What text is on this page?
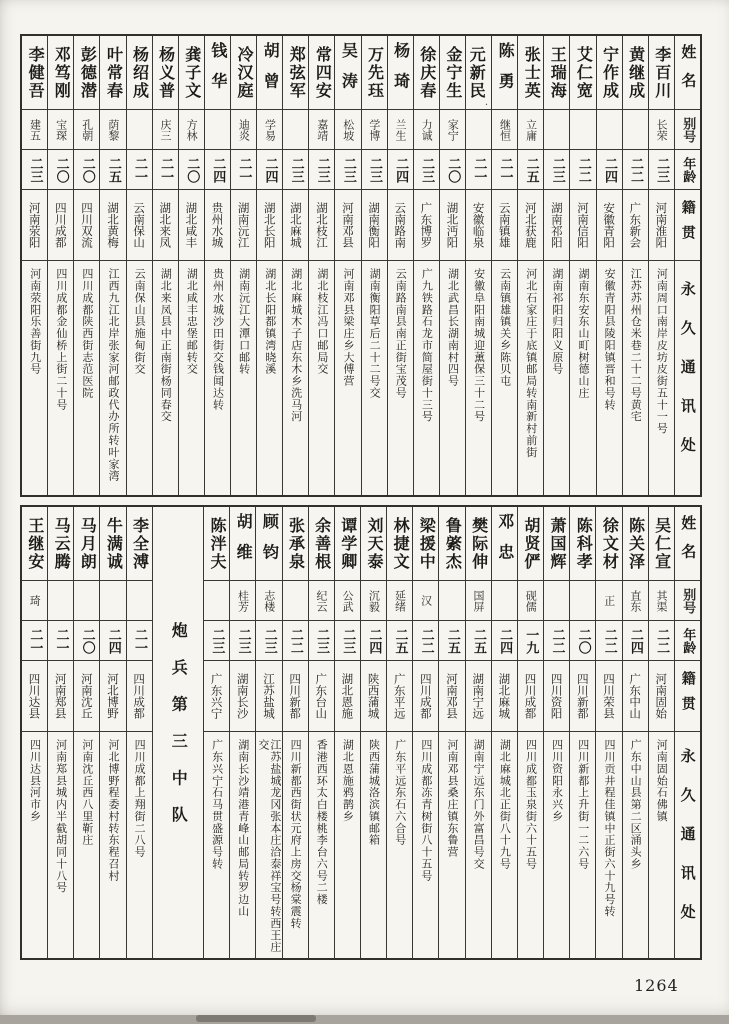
姓名
别号
年龄
籍贯
永久通讯处
李百川
长荣
二三
河南淮阳
河南周口南岸皮坊皮街五十一号
黄继成
二二
广东新会
江苏苏州仓米巷二十二号黄宅
宁作成
二四
安徽青阳
安徽青阳县陵阳镇晋和号转
艾仁宽
二二
河南信阳
湖南东安东山町树德山庄
王瑞海
二三
湖南祁阳
湖南祁阳归阳义原号
张士英
立庸
二五
河北获鹿
河北石家庄于底镇邮局转南新村前街
陈勇
继恒
二一
云南镇雄
云南镇雄镇关乡陈贝屯
元新民
·
二一
安徽临泉
安徽阜阳南城迎薰保三十二号
金宁生
家宁
二〇
湖北沔阳
湖北武昌长湖南村四号
徐庆春
力诚
二三
广东博罗
广九铁路石龙市简屋街十三号
杨琦
兰生
二四
云南路南
云南路南县南正街宝茂号
万先珏
学博
二三
湖南衡阳
湖南衡阳草后二十二号交
吴涛
松坡
二三
河南邓县
河南邓县梁庄乡大傅营
常四安
嘉靖
二三
湖北枝江
湖北枝江冯口邮局交
郑弦军
二三
湖北麻城
湖北麻城木子店东木乡洗马河
胡曾
学易
二四
湖北长阳
湖北长阳都镇湾晓溪
冷汉庭
迪炎
二一
湖南沅江
湖南沅江大潭口邮转
钱华
二四
贵州水城
贵州水城沙田街交钱闻达转
龚子文
方林
二〇
湖北咸丰
湖北咸丰忠堡邮转交
杨义普
庆三
二一
湖北来凤
湖北来凤县中正南街杨同春交
杨绍成
二一
云南保山
云南保山县施甸街交
叶常春
荫黎
二五
湖北黄梅
江西九江北岸张家河邮政代办所转叶家湾
彭德潜
孔朝
二〇
四川双流
四川成都陕西街志范医院
邓笃刚
宝琛
二〇
四川成都
四川成都金仙桥上街二十号
李健吾
建五
二三
河南荥阳
河南荥阳乐善街九号
姓名
别号
年龄
籍贯
永久通讯处
吴仁宣
其渠
二二
河南固始
河南固始石佛镇
陈关泽
直东
二四
广东中山
广东中山县第二区涌头乡
徐文材
正
二二
四川荣县
四川贡井程佳镇中正街六十九号转
陈科孝
二〇
四川新都
四川新都上升街一二六号
萧国辉
二二
四川资阳
四川资阳永兴乡
胡贤俨
砚儒
一九
四川成都
四川成都玉泉街六十五号
邓忠
二四
湖北麻城
湖北麻城北正街八十九号
樊际伸
国屏
二五
湖南宁远
湖南宁远东门外富昌号交
鲁綮杰
二五
河南邓县
河南邓县桑庄镇东鲁营
梁援中
汉
二二
四川成都
四川成都冻青树街八十五号
林捷文
延绪
二五
广东平远
广东平远东石六合号
刘天泰
沉毅
二四
陕西蒲城
陕西蒲城洛滨镇邮箱
谭学卿
公武
二三
湖北恩施
湖北恩施鸦鹊乡
余善根
纪云
二三
广东台山
香港西环太白楼桃李台六号二楼
张承泉
二二
四川新都
四川新都西街状元府上房交杨棠震转
顾钧
志楼
二三
江苏盐城
江苏盐城龙冈张本庄洽泰祥宝号转西王庄交
胡维
桂芳
二三
湖南长沙
湖南长沙靖港青峰山邮局转罗边山
陈泮夫
二三
广东兴宁
广东兴宁石马贯盛源号转
炮兵第三中队
李全溥
二一
四川成都
四川成都上翔街二八号
牛满诚
二四
河北博野
河北博野程委村转东程召村
马月朗
二〇
河南沈丘
河南沈丘西八里靳庄
马云腾
二一
河南郑县
河南郑县城内半截胡同十八号
王继安
琦
二一
四川达县
四川达县河市乡
1264
